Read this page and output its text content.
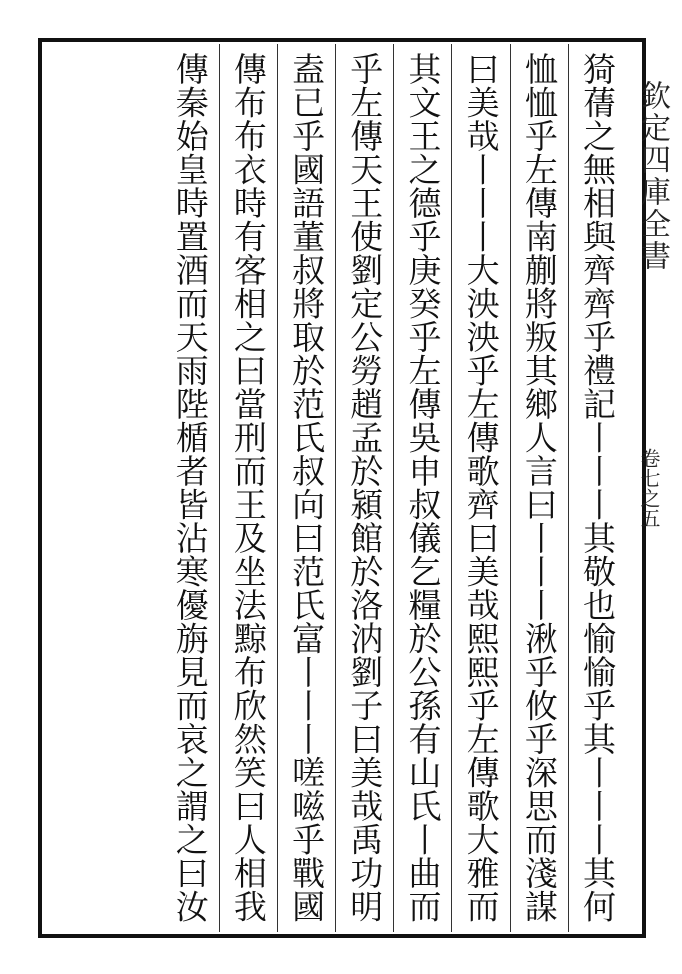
欽定四庫全書
卷七之五
猗蒨之無相與齊齊乎禮記丨丨丨其敬也愉愉乎其丨丨丨其何
恤恤乎左傳南蒯將叛其鄉人言曰丨丨丨湫乎攸乎深思而淺謀
曰美哉丨丨丨大泱泱乎左傳歌齊曰美哉熙熙乎左傳歌大雅而
其文王之德乎庚癸乎左傳吳申叔儀乞糧於公孫有山氏丨曲而
乎左傳天王使劉定公勞趙孟於潁館於洛汭劉子曰美哉禹功明
盍已乎國語董叔將取於范氏叔向曰范氏富丨丨丨嗟嗞乎戰國
傳布布衣時有客相之曰當刑而王及坐法黥布欣然笑曰人相我
傳秦始皇時置酒而天雨陛楯者皆沾寒優旃見而哀之謂之曰汝
